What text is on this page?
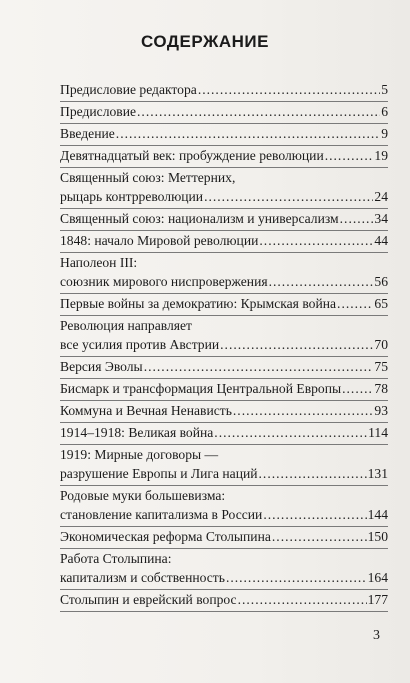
СОДЕРЖАНИЕ
Предисловие редактора .....	5
Предисловие .....	6
Введение .....	9
Девятнадцатый век: пробуждение революции .....	19
Священный союз: Меттерних,
рыцарь контрреволюции .....	24
Священный союз: национализм и универсализм .....	34
1848: начало Мировой революции .....	44
Наполеон III:
союзник мирового ниспровержения .....	56
Первые войны за демократию: Крымская война .....	65
Революция направляет
все усилия против Австрии .....	70
Версия Эволы .....	75
Бисмарк и трансформация Центральной Европы ..... 78
Коммуна и Вечная Ненависть .....	93
1914–1918: Великая война .....	114
1919: Мирные договоры —
разрушение Европы и Лига наций .....	131
Родовые муки большевизма:
становление капитализма в России .....	144
Экономическая реформа Столыпина .....	150
Работа Столыпина:
капитализм и собственность .....	164
Столыпин и еврейский вопрос .....	177
3
